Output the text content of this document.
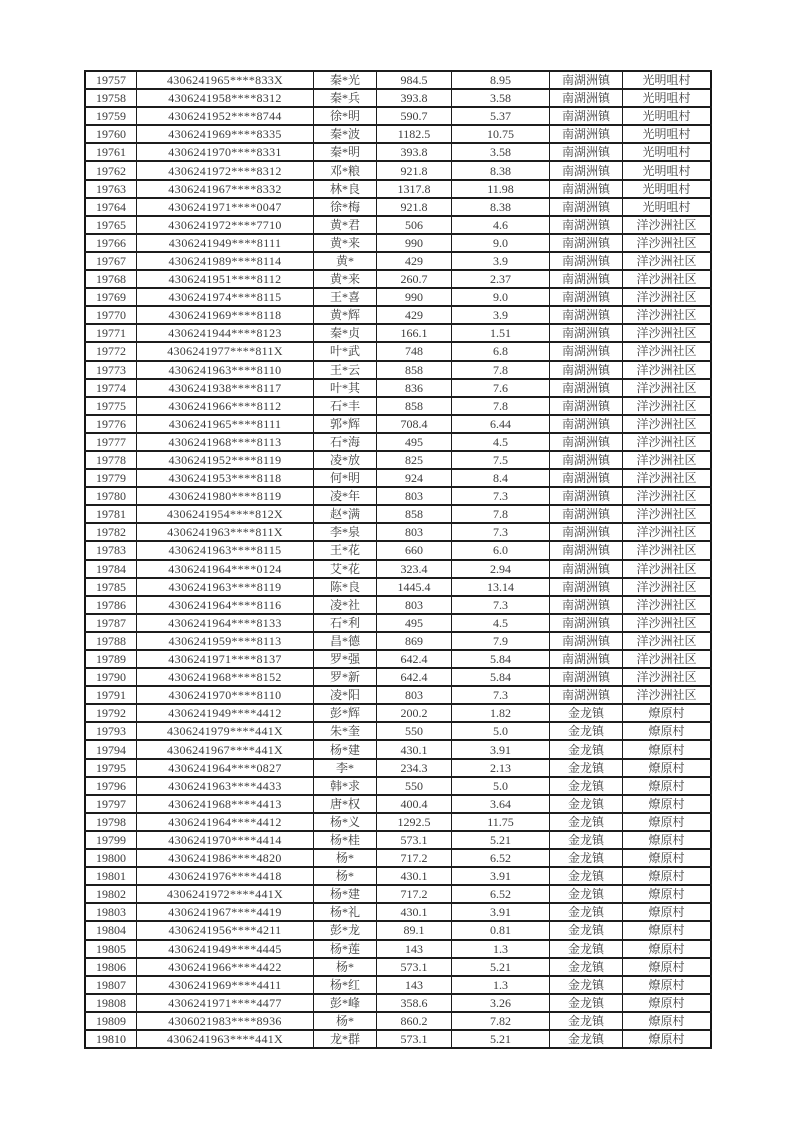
19757	4306241965****833X	秦*光	984.5	8.95	南湖洲镇	光明咀村
19758	4306241958****8312	秦*兵	393.8	3.58	南湖洲镇	光明咀村
19759	4306241952****8744	徐*明	590.7	5.37	南湖洲镇	光明咀村
19760	4306241969****8335	秦*波	1182.5	10.75	南湖洲镇	光明咀村
19761	4306241970****8331	秦*明	393.8	3.58	南湖洲镇	光明咀村
19762	4306241972****8312	邓*粮	921.8	8.38	南湖洲镇	光明咀村
19763	4306241967****8332	林*良	1317.8	11.98	南湖洲镇	光明咀村
19764	4306241971****0047	徐*梅	921.8	8.38	南湖洲镇	光明咀村
19765	4306241972****7710	黄*君	506	4.6	南湖洲镇	洋沙洲社区
19766	4306241949****8111	黄*来	990	9.0	南湖洲镇	洋沙洲社区
19767	4306241989****8114	黄*	429	3.9	南湖洲镇	洋沙洲社区
19768	4306241951****8112	黄*来	260.7	2.37	南湖洲镇	洋沙洲社区
19769	4306241974****8115	王*喜	990	9.0	南湖洲镇	洋沙洲社区
19770	4306241969****8118	黄*辉	429	3.9	南湖洲镇	洋沙洲社区
19771	4306241944****8123	秦*贞	166.1	1.51	南湖洲镇	洋沙洲社区
19772	4306241977****811X	叶*武	748	6.8	南湖洲镇	洋沙洲社区
19773	4306241963****8110	王*云	858	7.8	南湖洲镇	洋沙洲社区
19774	4306241938****8117	叶*其	836	7.6	南湖洲镇	洋沙洲社区
19775	4306241966****8112	石*丰	858	7.8	南湖洲镇	洋沙洲社区
19776	4306241965****8111	郭*辉	708.4	6.44	南湖洲镇	洋沙洲社区
19777	4306241968****8113	石*海	495	4.5	南湖洲镇	洋沙洲社区
19778	4306241952****8119	凌*放	825	7.5	南湖洲镇	洋沙洲社区
19779	4306241953****8118	何*明	924	8.4	南湖洲镇	洋沙洲社区
19780	4306241980****8119	凌*年	803	7.3	南湖洲镇	洋沙洲社区
19781	4306241954****812X	赵*满	858	7.8	南湖洲镇	洋沙洲社区
19782	4306241963****811X	李*泉	803	7.3	南湖洲镇	洋沙洲社区
19783	4306241963****8115	王*花	660	6.0	南湖洲镇	洋沙洲社区
19784	4306241964****0124	艾*花	323.4	2.94	南湖洲镇	洋沙洲社区
19785	4306241963****8119	陈*良	1445.4	13.14	南湖洲镇	洋沙洲社区
19786	4306241964****8116	凌*社	803	7.3	南湖洲镇	洋沙洲社区
19787	4306241964****8133	石*利	495	4.5	南湖洲镇	洋沙洲社区
19788	4306241959****8113	昌*德	869	7.9	南湖洲镇	洋沙洲社区
19789	4306241971****8137	罗*强	642.4	5.84	南湖洲镇	洋沙洲社区
19790	4306241968****8152	罗*新	642.4	5.84	南湖洲镇	洋沙洲社区
19791	4306241970****8110	凌*阳	803	7.3	南湖洲镇	洋沙洲社区
19792	4306241949****4412	彭*辉	200.2	1.82	金龙镇	燎原村
19793	4306241979****441X	朱*奎	550	5.0	金龙镇	燎原村
19794	4306241967****441X	杨*建	430.1	3.91	金龙镇	燎原村
19795	4306241964****0827	李*	234.3	2.13	金龙镇	燎原村
19796	4306241963****4433	韩*求	550	5.0	金龙镇	燎原村
19797	4306241968****4413	唐*权	400.4	3.64	金龙镇	燎原村
19798	4306241964****4412	杨*义	1292.5	11.75	金龙镇	燎原村
19799	4306241970****4414	杨*桂	573.1	5.21	金龙镇	燎原村
19800	4306241986****4820	杨*	717.2	6.52	金龙镇	燎原村
19801	4306241976****4418	杨*	430.1	3.91	金龙镇	燎原村
19802	4306241972****441X	杨*建	717.2	6.52	金龙镇	燎原村
19803	4306241967****4419	杨*礼	430.1	3.91	金龙镇	燎原村
19804	4306241956****4211	彭*龙	89.1	0.81	金龙镇	燎原村
19805	4306241949****4445	杨*莲	143	1.3	金龙镇	燎原村
19806	4306241966****4422	杨*	573.1	5.21	金龙镇	燎原村
19807	4306241969****4411	杨*红	143	1.3	金龙镇	燎原村
19808	4306241971****4477	彭*峰	358.6	3.26	金龙镇	燎原村
19809	4306021983****8936	杨*	860.2	7.82	金龙镇	燎原村
19810	4306241963****441X	龙*群	573.1	5.21	金龙镇	燎原村
